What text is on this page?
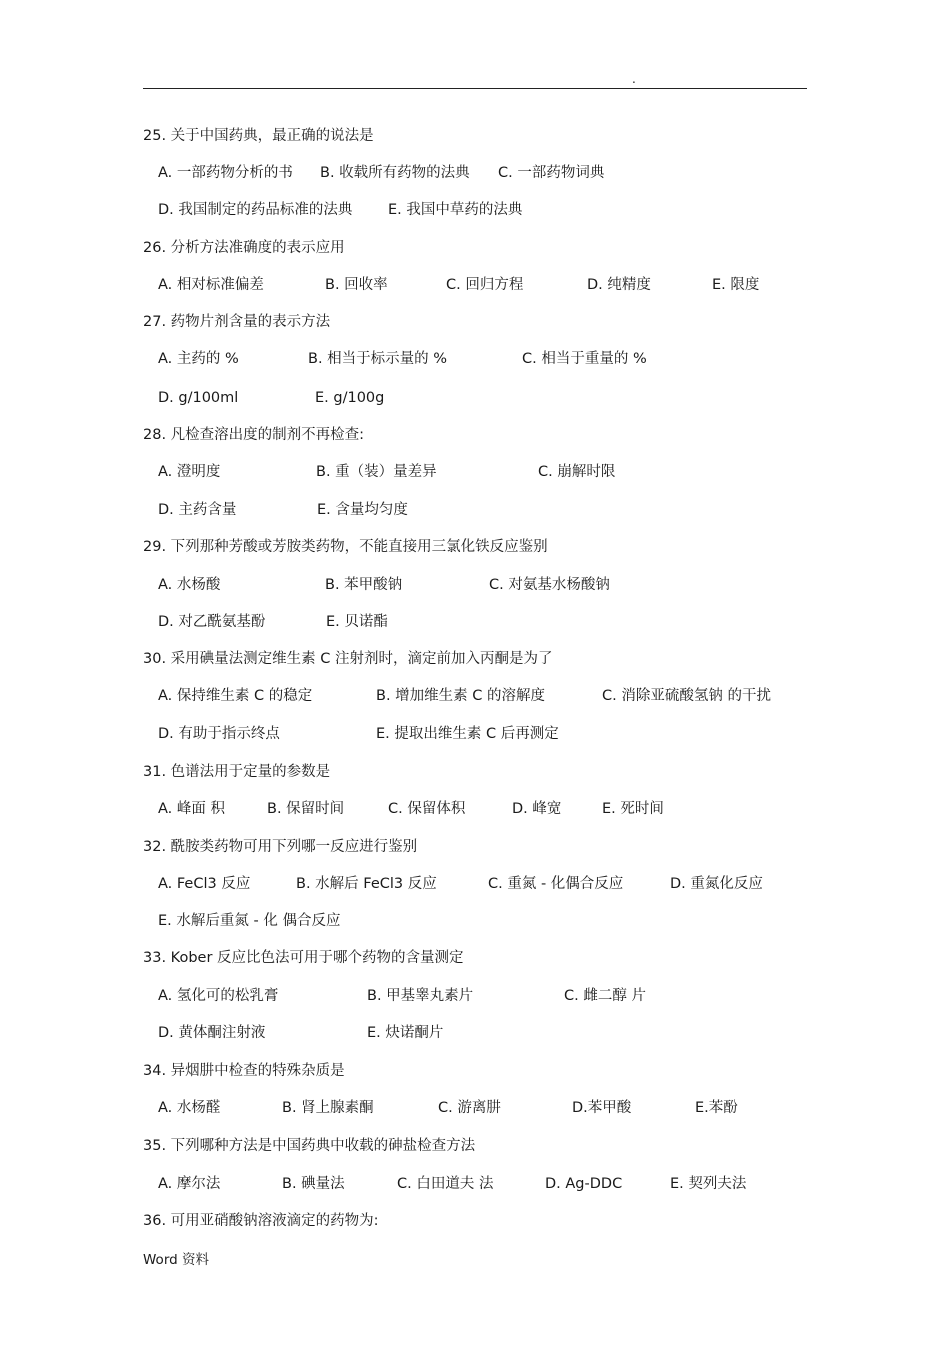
.
25. 关于中国药典，最正确的说法是
A. 一部药物分析的书 B. 收载所有药物的法典 C. 一部药物词典
D. 我国制定的药品标准的法典 E. 我国中草药的法典
26. 分析方法准确度的表示应用
A. 相对标准偏差	B. 回收率	C. 回归方程	D. 纯精度	E. 限度
27. 药物片剂含量的表示方法
A. 主药的 %	B. 相当于标示量的 %	C. 相当于重量的 %
D. g/100ml	E. g/100g
28. 凡检查溶出度的制剂不再检查:
A. 澄明度	B. 重（装）量差异	C. 崩解时限
D. 主药含量	E. 含量均匀度
29. 下列那种芳酸或芳胺类药物，不能直接用三氯化铁反应鉴别
A. 水杨酸	B. 苯甲酸钠	C. 对氨基水杨酸钠
D. 对乙酰氨基酚	E. 贝诺酯
30. 采用碘量法测定维生素 C 注射剂时，滴定前加入丙酮是为了
A. 保持维生素 C 的稳定	B. 增加维生素 C 的溶解度	C. 消除亚硫酸氢钠 的干扰
D. 有助于指示终点	E. 提取出维生素 C 后再测定
31. 色谱法用于定量的参数是
A. 峰面 积	B. 保留时间	C. 保留体积	D. 峰宽	E. 死时间
32. 酰胺类药物可用下列哪一反应进行鉴别
A. FeCl3 反应	B. 水解后 FeCl3 反应	C. 重氮 - 化偶合反应	D. 重氮化反应
E. 水解后重氮 - 化 偶合反应
33. Kober 反应比色法可用于哪个药物的含量测定
A. 氢化可的松乳膏	B. 甲基睾丸素片	C. 雌二醇 片
D. 黄体酮注射液	E. 炔诺酮片
34. 异烟肼中检查的特殊杂质是
A. 水杨醛	B. 肾上腺素酮	C. 游离肼	D.苯甲酸	E.苯酚
35. 下列哪种方法是中国药典中收载的砷盐检查方法
A. 摩尔法	B. 碘量法	C. 白田道夫 法	D. Ag-DDC	E. 契列夫法
36. 可用亚硝酸钠溶液滴定的药物为:
Word 资料
